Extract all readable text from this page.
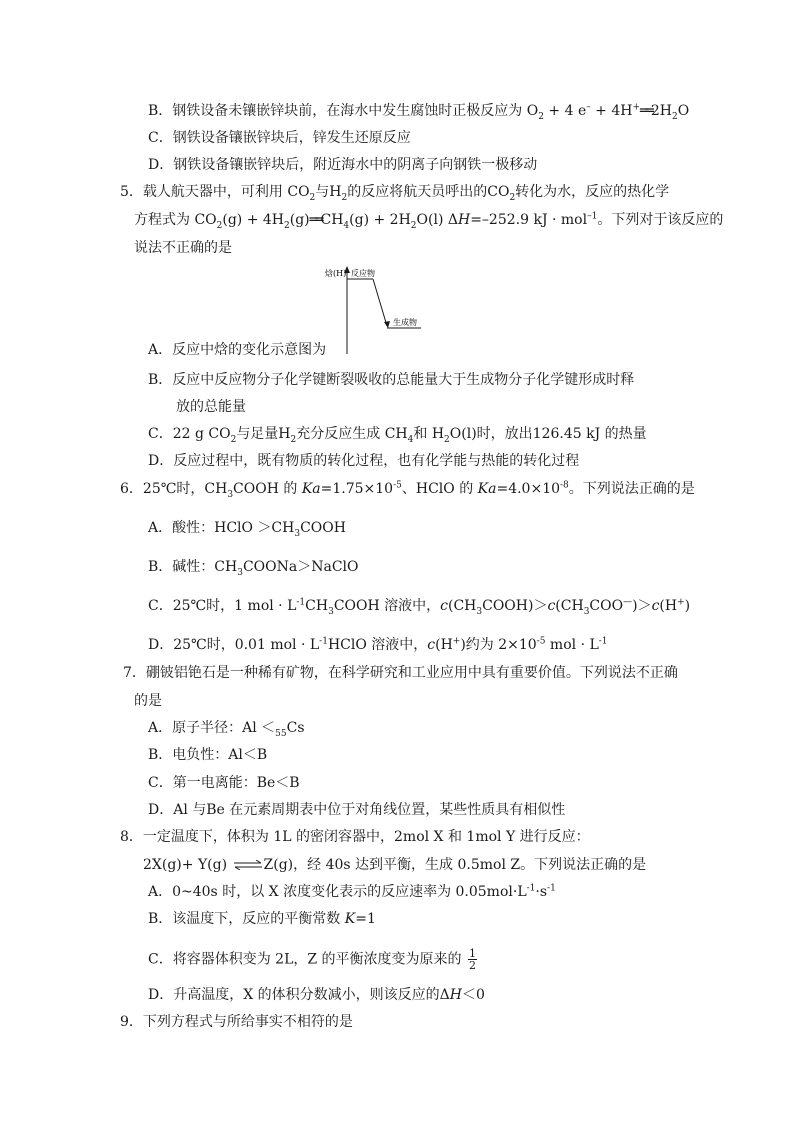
B．钢铁设备未镶嵌锌块前，在海水中发生腐蚀时正极反应为 $O_2 + 4$ $e^- + 4H^+══2H_2O$
C．钢铁设备镶嵌锌块后，锌发生还原反应
D．钢铁设备镶嵌锌块后，附近海水中的阴离子向钢铁一极移动
5．载人航天器中，可利用 $CO_2$与$H_2$的反应将航天员呼出的$CO_2$转化为水，反应的热化学
方程式为 $CO_2(g)$ + $4H_2(g)══CH_4(g) + 2H_2O(l)$ ΔH=–252.9 kJ · mol$^{-1}$。下列对于该反应的
说法不正确的是
焓(H) 反应物
生成物
A．反应中焓的变化示意图为
B．反应中反应物分子化学键断裂吸收的总能量大于生成物分子化学键形成时释
放的总能量
C．22 g $CO_2$与足量$H_2$充分反应生成 $CH_4$和 $H_2O(l)$时，放出126.45 kJ 的热量
D．反应过程中，既有物质的转化过程，也有化学能与热能的转化过程
6．25℃时，$CH_3COOH$ 的 $Ka=1.75\times 10^{-5}$、HClO 的 $Ka=4.0\times 10^{-8}$。下列说法正确的是
A．酸性：HClO $>CH_3COOH$
B．碱性：$CH_3COONa>NaClO$
C．25℃时，1 mol · $L^{-1}CH_3COOH$ 溶液中，$c(CH_3COOH)>c(CH_3COO^—)>c(H^+)$
D．25℃时，0.01 mol · $L^{-1}HClO$ 溶液中，c(H+)约为 $2\times 10^{-5}$ mol · $L^{-1}$
7．硼铍铝铯石是一种稀有矿物，在科学研究和工业应用中具有重要价值。下列说法不正确
的是
A．原子半径：$Al <_{55}Cs$
B．电负性：Al＜B
C．第一电离能：Be＜B
D．Al 与Be 在元素周期表中位于对角线位置，某些性质具有相似性
8．一定温度下，体积为 1L 的密闭容器中，2mol X 和 1mol Y 进行反应：
2X(g)+ Y(g) ⇌Z(g)，经 40s 达到平衡，生成 0.5mol Z。下列说法正确的是
A．0~40s 时，以 X 浓度变化表示的反应速率为 $0.05mol\cdot L^{-1}\cdot s^{-1}$
B．该温度下，反应的平衡常数 K=1
C．将容器体积变为 2L，Z 的平衡浓度变为原来的 $\frac{1}{2}$
D．升高温度，X 的体积分数减小，则该反应的ΔH＜0
9．下列方程式与所给事实不相符的是
